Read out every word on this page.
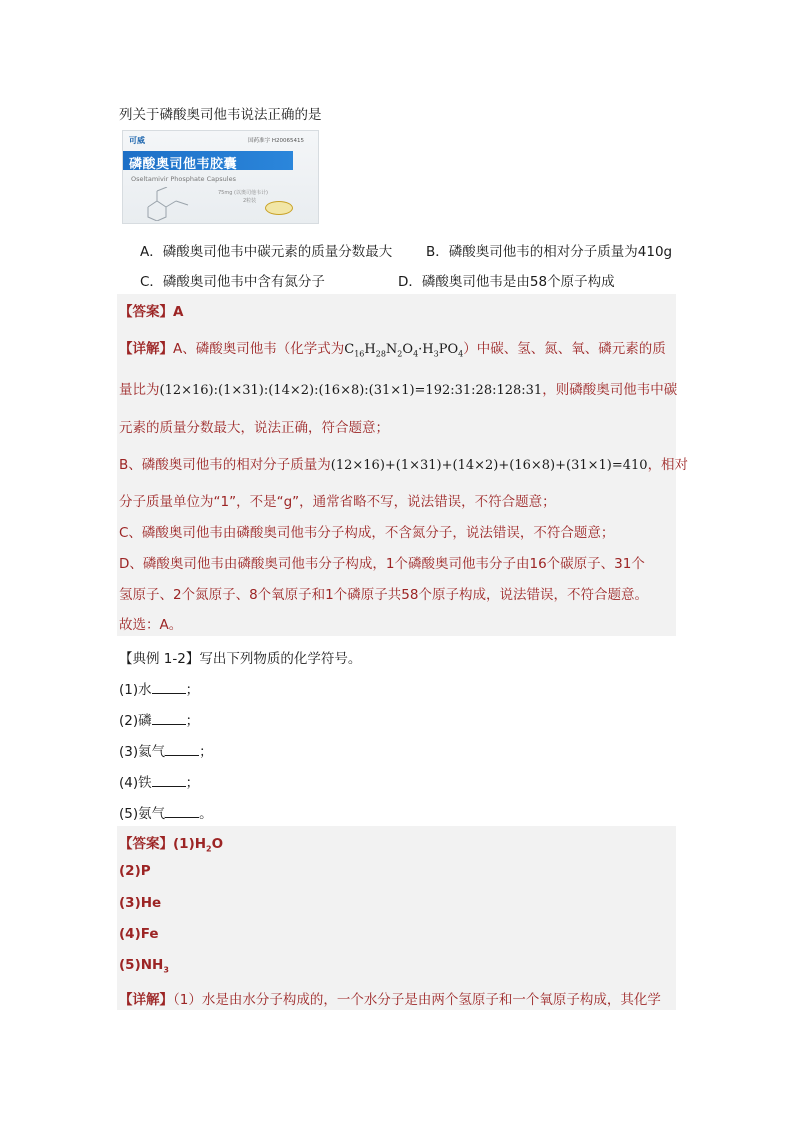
列关于磷酸奥司他韦说法正确的是
可威	国药准字 H20065415
磷酸奥司他韦胶囊
Oseltamivir Phosphate Capsules
75mg (以奥司他韦计)
2粒装
A．磷酸奥司他韦中碳元素的质量分数最大	B．磷酸奥司他韦的相对分子质量为410g
C．磷酸奥司他韦中含有氮分子	D．磷酸奥司他韦是由58个原子构成
【答案】A
【详解】A、磷酸奥司他韦（化学式为$C_{16}H_{28}N_2O_4\cdot H_3PO_4$）中碳、氢、氮、氧、磷元素的质
量比为(12×16):(1×31):(14×2):(16×8):(31×1)=192:31:28:128:31，则磷酸奥司他韦中碳
元素的质量分数最大，说法正确，符合题意；
B、磷酸奥司他韦的相对分子质量为(12×16)+(1×31)+(14×2)+(16×8)+(31×1)=410，相对
分子质量单位为“1”，不是“g”，通常省略不写，说法错误，不符合题意；
C、磷酸奥司他韦由磷酸奥司他韦分子构成，不含氮分子，说法错误，不符合题意；
D、磷酸奥司他韦由磷酸奥司他韦分子构成，1个磷酸奥司他韦分子由16个碳原子、31个
氢原子、2个氮原子、8个氧原子和1个磷原子共58个原子构成，说法错误，不符合题意。
故选：A。
【典例 1-2】写出下列物质的化学符号。
(1)水	；
(2)磷	；
(3)氦气	；
(4)铁	；
(5)氨气	。
【答案】$(1)H_2O$
(2)P
(3)He
(4)Fe
$(5)NH_3$
【详解】（1）水是由水分子构成的，一个水分子是由两个氢原子和一个氧原子构成，其化学
